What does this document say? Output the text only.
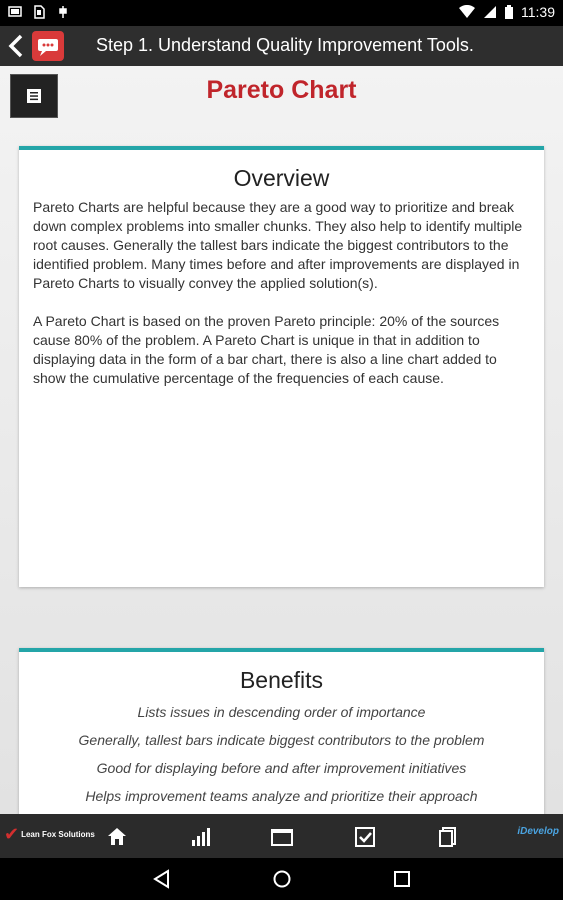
11:39
Step 1. Understand Quality Improvement Tools.
Pareto Chart
Overview

Pareto Charts are helpful because they are a good way to prioritize and break down complex problems into smaller chunks. They also help to identify multiple root causes. Generally the tallest bars indicate the biggest contributors to the identified problem. Many times before and after improvements are displayed in Pareto Charts to visually convey the applied solution(s).

A Pareto Chart is based on the proven Pareto principle: 20% of the sources cause 80% of the problem. A Pareto Chart is unique in that in addition to displaying data in the form of a bar chart, there is also a line chart added to show the cumulative percentage of the frequencies of each cause.

Benefits
Lists issues in descending order of importance
Generally, tallest bars indicate biggest contributors to the problem
Good for displaying before and after improvement initiatives
Helps improvement teams analyze and prioritize their approach
✔ Lean Fox Solutions	iDevelop
